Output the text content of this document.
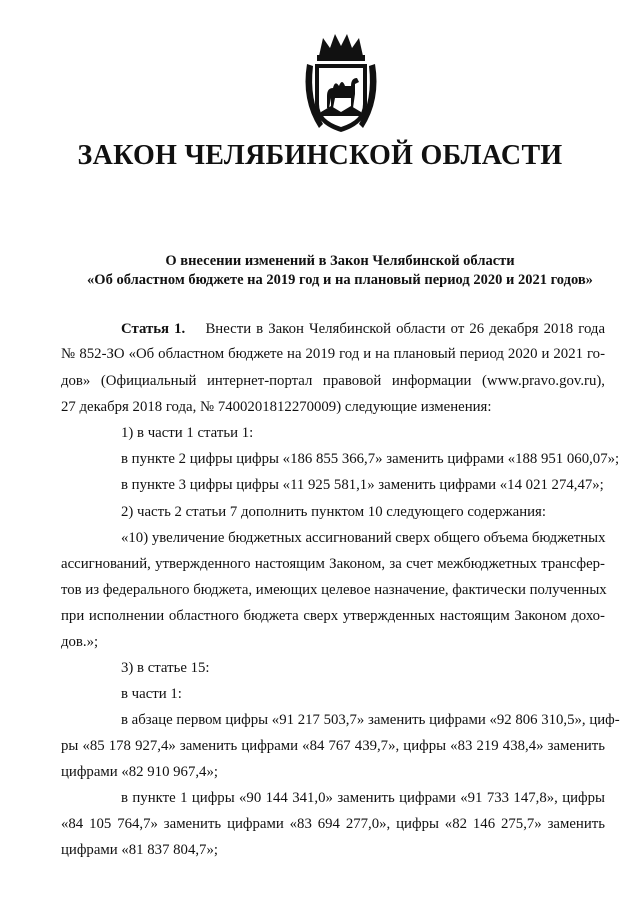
ЗАКОН ЧЕЛЯБИНСКОЙ ОБЛАСТИ
О внесении изменений в Закон Челябинской области
«Об областном бюджете на 2019 год и на плановый период 2020 и 2021 годов»
Статья 1. Внести в Закон Челябинской области от 26 декабря 2018 года
№ 852-ЗО «Об областном бюджете на 2019 год и на плановый период 2020 и 2021 го-
дов» (Официальный интернет-портал правовой информации (www.pravo.gov.ru),
27 декабря 2018 года, № 7400201812270009) следующие изменения:
1) в части 1 статьи 1:
в пункте 2 цифры цифры «186 855 366,7» заменить цифрами «188 951 060,07»;
в пункте 3 цифры цифры «11 925 581,1» заменить цифрами «14 021 274,47»;
2) часть 2 статьи 7 дополнить пунктом 10 следующего содержания:
«10) увеличение бюджетных ассигнований сверх общего объема бюджетных
ассигнований, утвержденного настоящим Законом, за счет межбюджетных трансфер-
тов из федерального бюджета, имеющих целевое назначение, фактически полученных
при исполнении областного бюджета сверх утвержденных настоящим Законом дохо-
дов.»;
3) в статье 15:
в части 1:
в абзаце первом цифры «91 217 503,7» заменить цифрами «92 806 310,5», циф-
ры «85 178 927,4» заменить цифрами «84 767 439,7», цифры «83 219 438,4» заменить
цифрами «82 910 967,4»;
в пункте 1 цифры «90 144 341,0» заменить цифрами «91 733 147,8», цифры
«84 105 764,7» заменить цифрами «83 694 277,0», цифры «82 146 275,7» заменить
цифрами «81 837 804,7»;
